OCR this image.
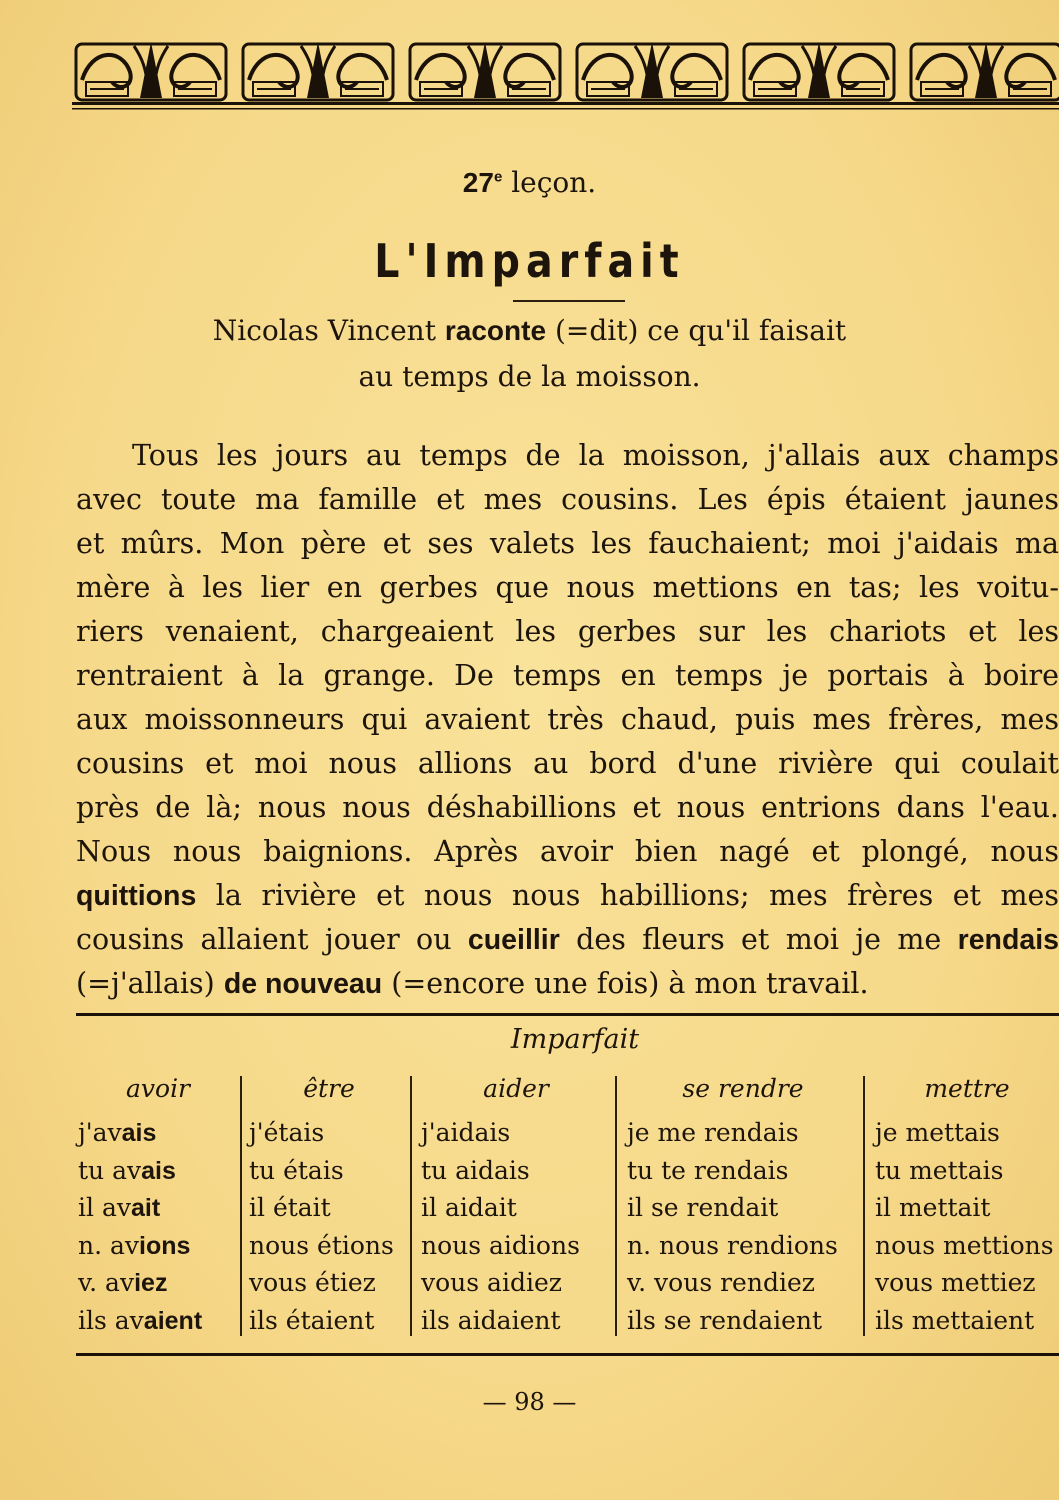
27e leçon.
L'Imparfait
Nicolas Vincent raconte (=dit) ce qu'il faisait
au temps de la moisson.
Tous les jours au temps de la moisson, j'allais aux champs
avec toute ma famille et mes cousins. Les épis étaient jaunes
et mûrs. Mon père et ses valets les fauchaient; moi j'aidais ma
mère à les lier en gerbes que nous mettions en tas; les voitu-
riers venaient, chargeaient les gerbes sur les chariots et les
rentraient à la grange. De temps en temps je portais à boire
aux moissonneurs qui avaient très chaud, puis mes frères, mes
cousins et moi nous allions au bord d'une rivière qui coulait
près de là; nous nous déshabillions et nous entrions dans l'eau.
Nous nous baignions. Après avoir bien nagé et plongé, nous
quittions la rivière et nous nous habillions; mes frères et mes
cousins allaient jouer ou cueillir des fleurs et moi je me rendais
(=j'allais) de nouveau (=encore une fois) à mon travail.
Imparfait
avoir
j'avais
tu avais
il avait
n. avions
v. aviez
ils avaient
être
j'étais
tu étais
il était
nous étions
vous étiez
ils étaient
aider
j'aidais
tu aidais
il aidait
nous aidions
vous aidiez
ils aidaient
se rendre
je me rendais
tu te rendais
il se rendait
n. nous rendions
v. vous rendiez
ils se rendaient
mettre
je mettais
tu mettais
il mettait
nous mettions
vous mettiez
ils mettaient
— 98 —
